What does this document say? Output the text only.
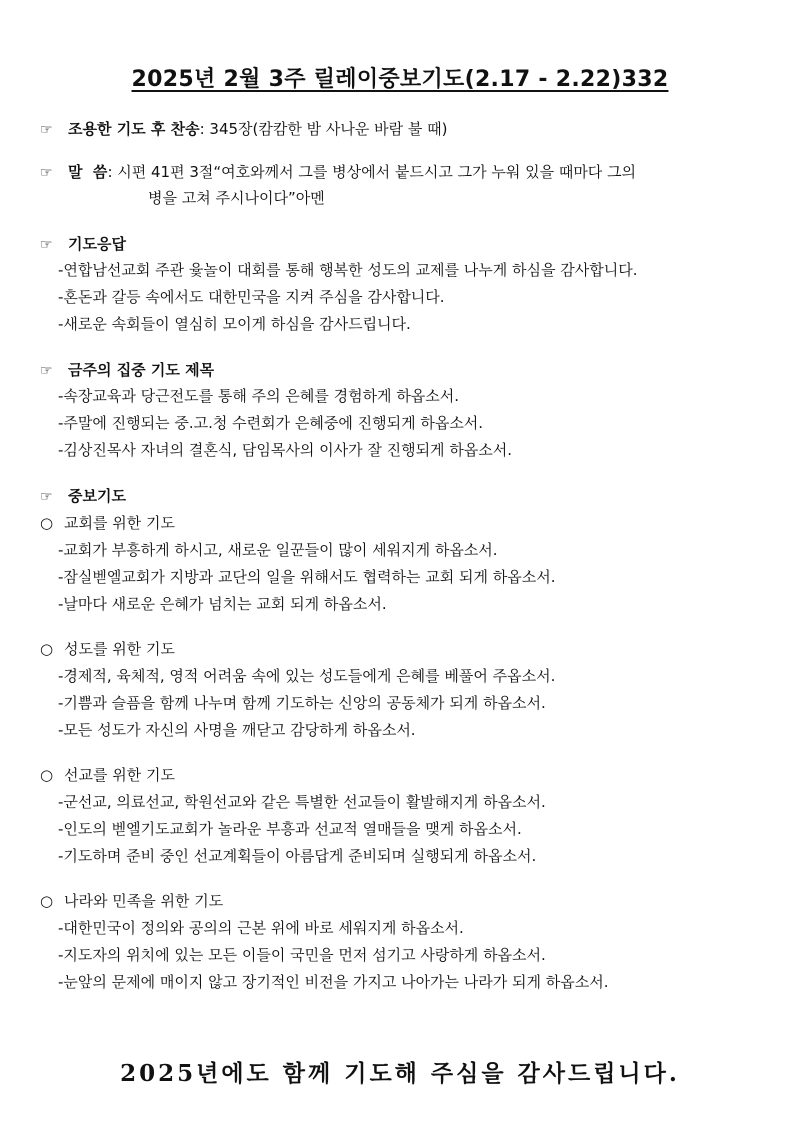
2025년 2월 3주 릴레이중보기도(2.17 - 2.22)332
☞ 조용한 기도 후 찬송: 345장(캄캄한 밤 사나운 바람 불 때)
☞ 말  씀: 시편 41편 3절“여호와께서 그를 병상에서 붙드시고 그가 누워 있을 때마다 그의
병을 고쳐 주시나이다”아멘
☞ 기도응답
-연합남선교회 주관 윷놀이 대회를 통해 행복한 성도의 교제를 나누게 하심을 감사합니다.
-혼돈과 갈등 속에서도 대한민국을 지켜 주심을 감사합니다.
-새로운 속회들이 열심히 모이게 하심을 감사드립니다.
☞ 금주의 집중 기도 제목
-속장교육과 당근전도를 통해 주의 은혜를 경험하게 하옵소서.
-주말에 진행되는 중.고.청 수련회가 은혜중에 진행되게 하옵소서.
-김상진목사 자녀의 결혼식, 담임목사의 이사가 잘 진행되게 하옵소서.
☞ 중보기도
○ 교회를 위한 기도
-교회가 부흥하게 하시고, 새로운 일꾼들이 많이 세워지게 하옵소서.
-잠실벧엘교회가 지방과 교단의 일을 위해서도 협력하는 교회 되게 하옵소서.
-날마다 새로운 은혜가 넘치는 교회 되게 하옵소서.
○ 성도를 위한 기도
-경제적, 육체적, 영적 어려움 속에 있는 성도들에게 은혜를 베풀어 주옵소서.
-기쁨과 슬픔을 함께 나누며 함께 기도하는 신앙의 공동체가 되게 하옵소서.
-모든 성도가 자신의 사명을 깨닫고 감당하게 하옵소서.
○ 선교를 위한 기도
-군선교, 의료선교, 학원선교와 같은 특별한 선교들이 활발해지게 하옵소서.
-인도의 벧엘기도교회가 놀라운 부흥과 선교적 열매들을 맺게 하옵소서.
-기도하며 준비 중인 선교계획들이 아름답게 준비되며 실행되게 하옵소서.
○ 나라와 민족을 위한 기도
-대한민국이 정의와 공의의 근본 위에 바로 세워지게 하옵소서.
-지도자의 위치에 있는 모든 이들이 국민을 먼저 섬기고 사랑하게 하옵소서.
-눈앞의 문제에 매이지 않고 장기적인 비전을 가지고 나아가는 나라가 되게 하옵소서.
2025년에도 함께 기도해 주심을 감사드립니다.
